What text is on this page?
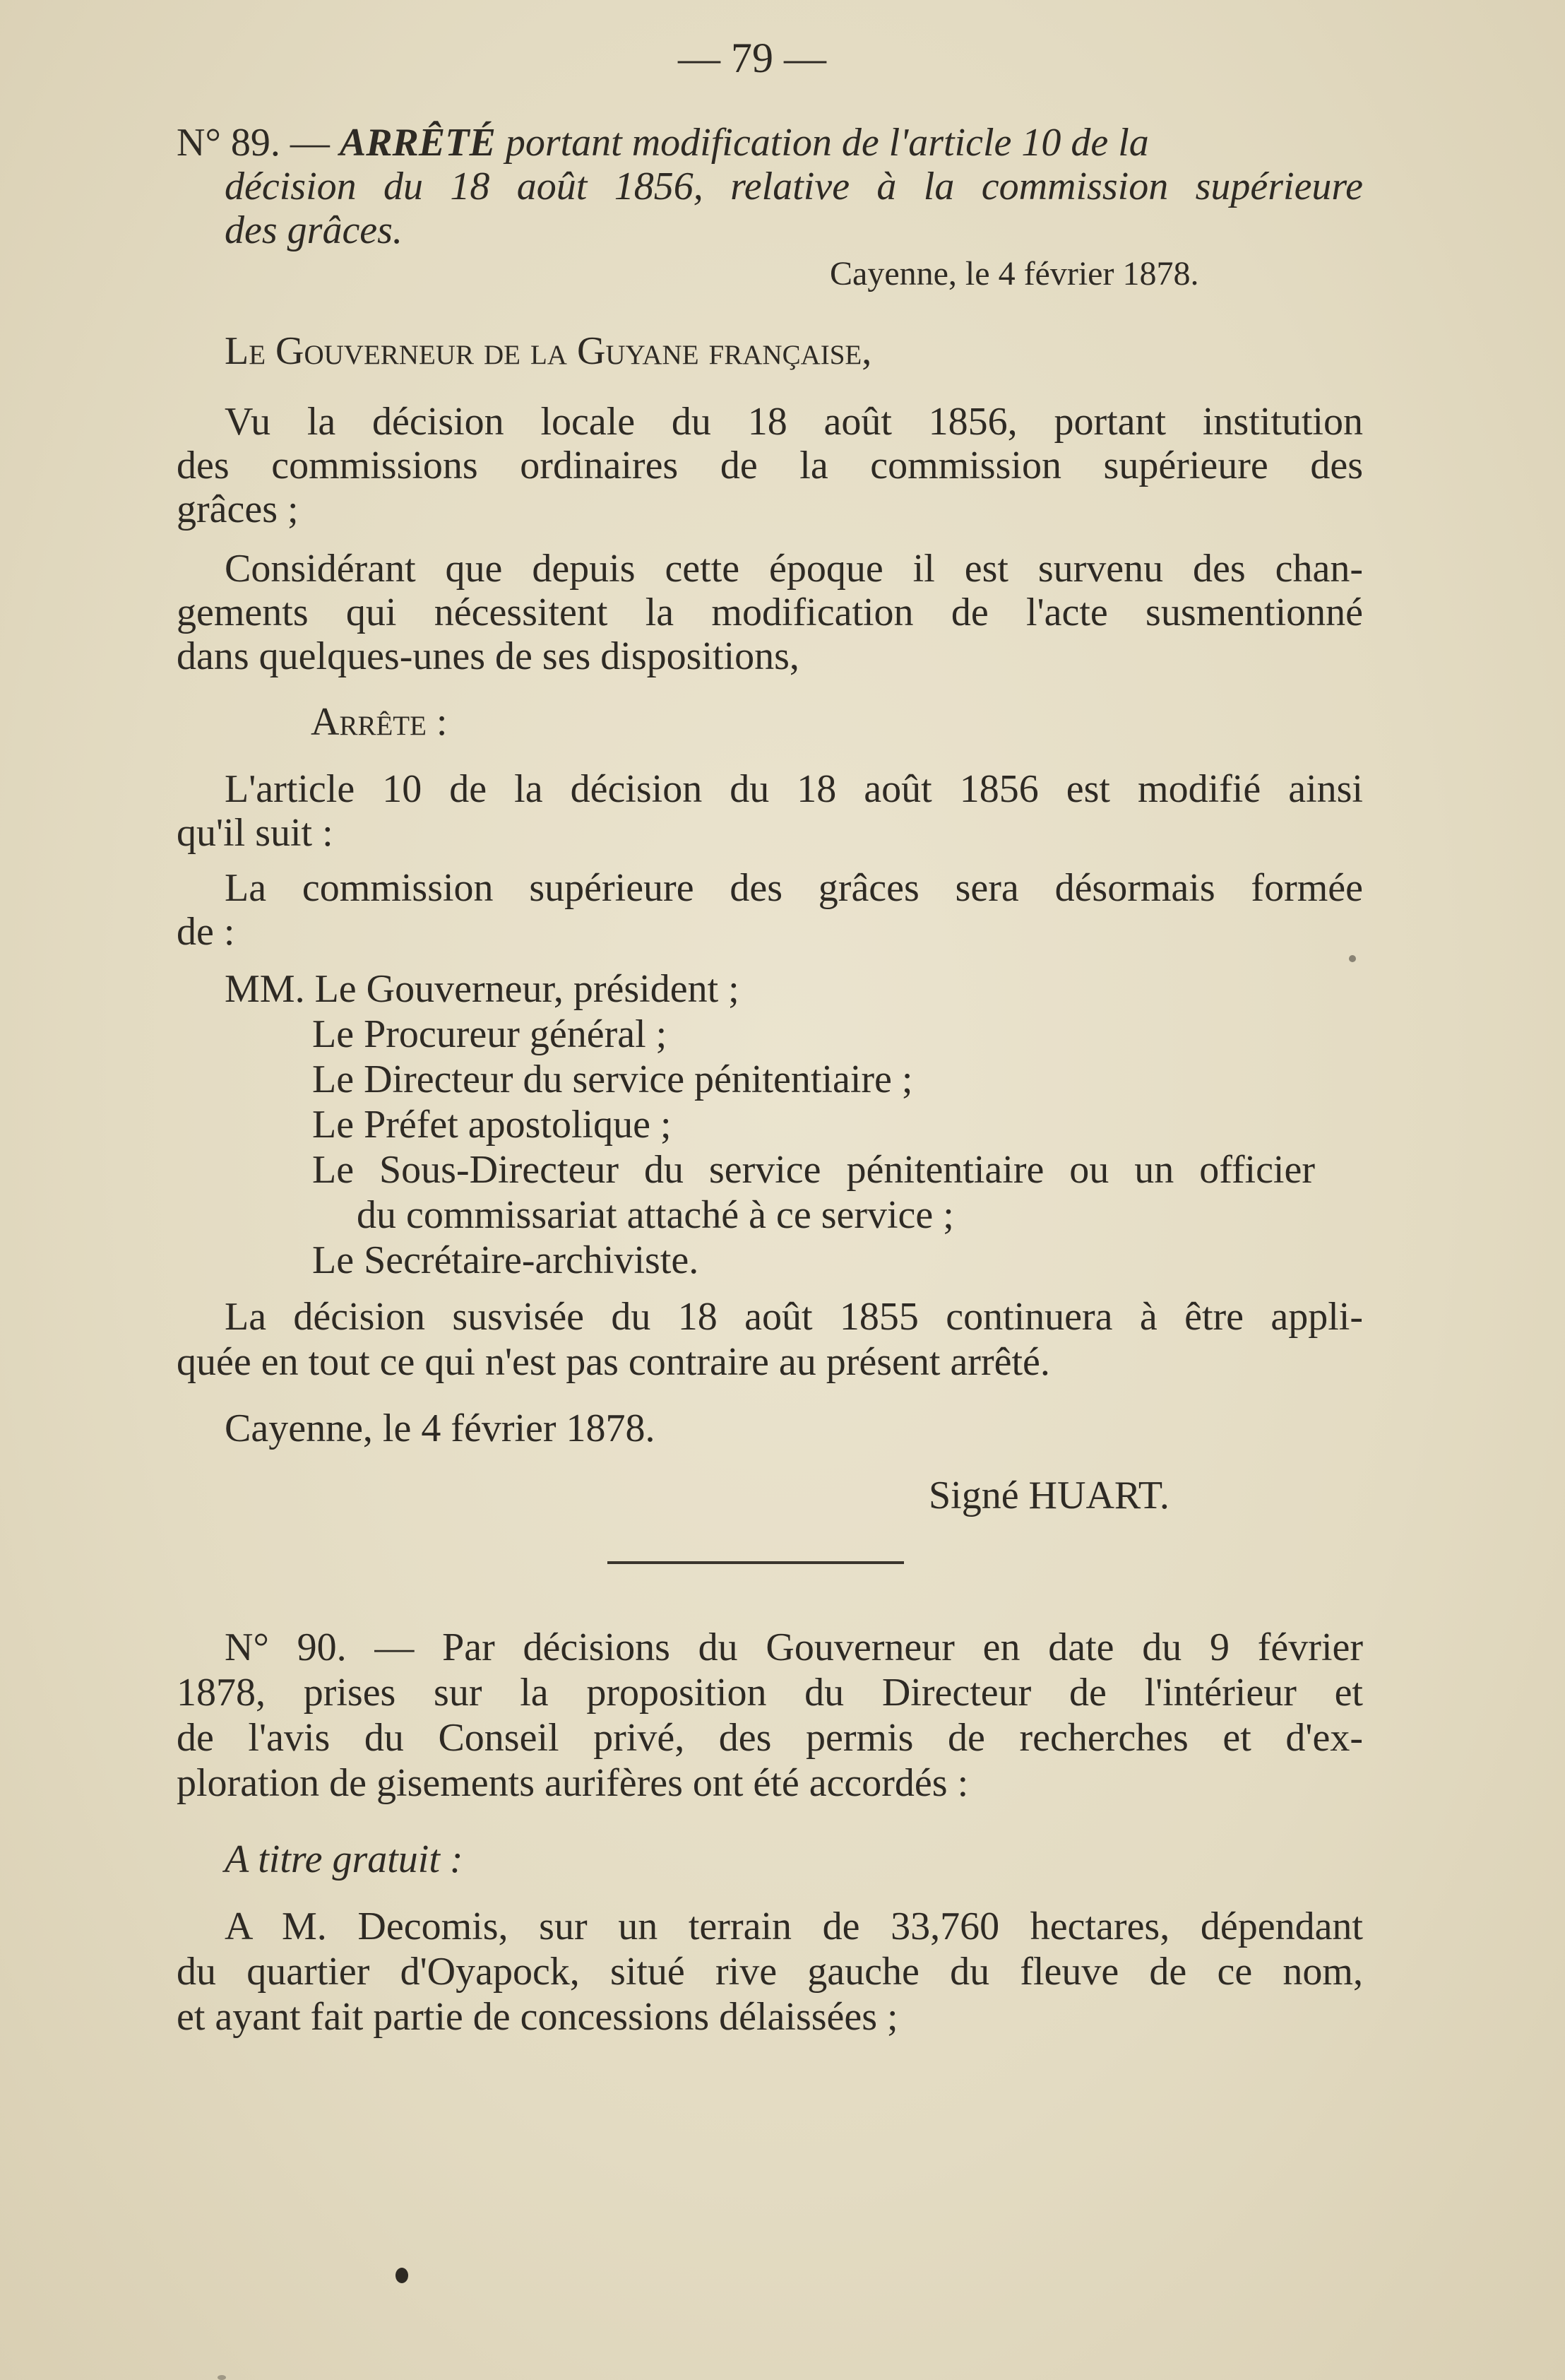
— 79 —
N° 89. — ARRÊTÉ portant modification de l'article 10 de la
décision du 18 août 1856, relative à la commission supérieure
des grâces.
Cayenne, le 4 février 1878.
Le Gouverneur de la Guyane française,
Vu la décision locale du 18 août 1856, portant institution
des commissions ordinaires de la commission supérieure des
grâces ;
Considérant que depuis cette époque il est survenu des chan-
gements qui nécessitent la modification de l'acte susmentionné
dans quelques-unes de ses dispositions,
Arrête :
L'article 10 de la décision du 18 août 1856 est modifié ainsi
qu'il suit :
La commission supérieure des grâces sera désormais formée
de :
MM. Le Gouverneur, président ;
Le Procureur général ;
Le Directeur du service pénitentiaire ;
Le Préfet apostolique ;
Le Sous-Directeur du service pénitentiaire ou un officier
du commissariat attaché à ce service ;
Le Secrétaire-archiviste.
La décision susvisée du 18 août 1855 continuera à être appli-
quée en tout ce qui n'est pas contraire au présent arrêté.
Cayenne, le 4 février 1878.
Signé HUART.
N° 90. — Par décisions du Gouverneur en date du 9 février
1878, prises sur la proposition du Directeur de l'intérieur et
de l'avis du Conseil privé, des permis de recherches et d'ex-
ploration de gisements aurifères ont été accordés :
A titre gratuit :
A M. Decomis, sur un terrain de 33,760 hectares, dépendant
du quartier d'Oyapock, situé rive gauche du fleuve de ce nom,
et ayant fait partie de concessions délaissées ;
